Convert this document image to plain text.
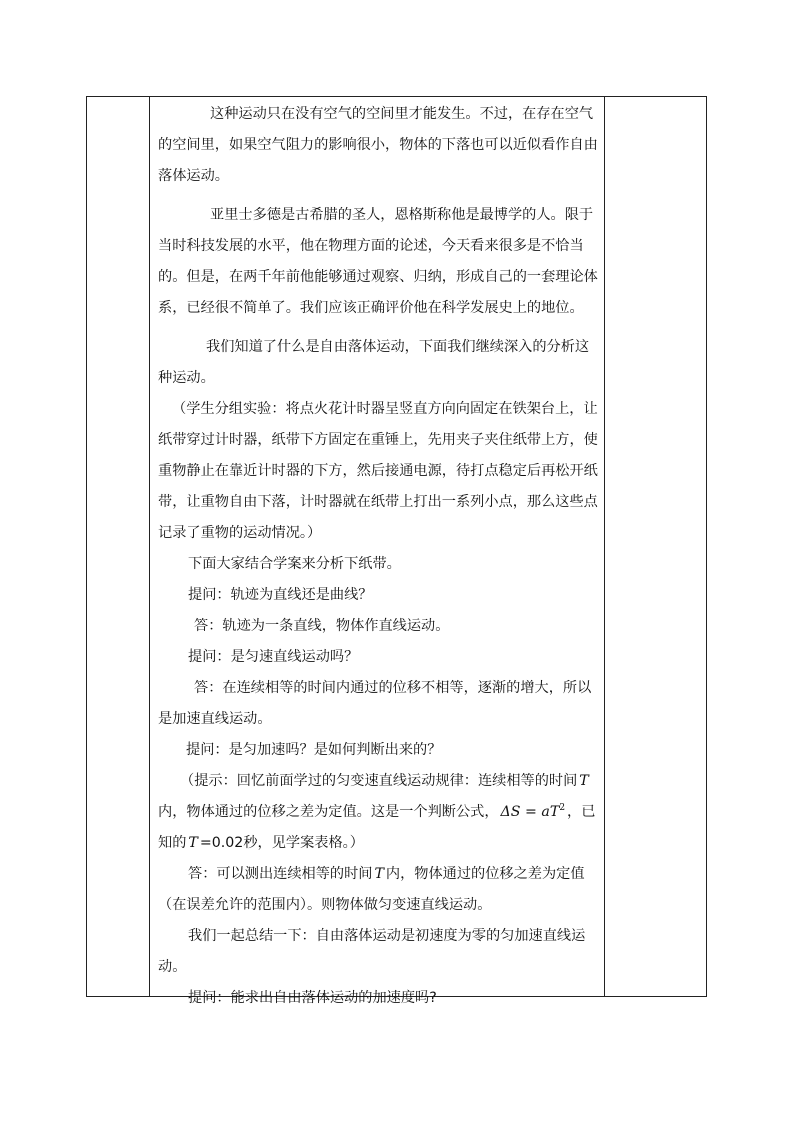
这种运动只在没有空气的空间里才能发生。不过，在存在空气的空间里，如果空气阻力的影响很小，物体的下落也可以近似看作自由落体运动。

亚里士多德是古希腊的圣人，恩格斯称他是最博学的人。限于当时科技发展的水平，他在物理方面的论述，今天看来很多是不恰当的。但是，在两千年前他能够通过观察、归纳，形成自己的一套理论体系，已经很不简单了。我们应该正确评价他在科学发展史上的地位。

我们知道了什么是自由落体运动，下面我们继续深入的分析这种运动。

（学生分组实验：将点火花计时器呈竖直方向向固定在铁架台上，让纸带穿过计时器，纸带下方固定在重锤上，先用夹子夹住纸带上方，使重物静止在靠近计时器的下方，然后接通电源，待打点稳定后再松开纸带，让重物自由下落，计时器就在纸带上打出一系列小点，那么这些点记录了重物的运动情况。）

下面大家结合学案来分析下纸带。

提问：轨迹为直线还是曲线？

答：轨迹为一条直线，物体作直线运动。

提问：是匀速直线运动吗？

答：在连续相等的时间内通过的位移不相等，逐渐的增大，所以是加速直线运动。

提问：是匀加速吗？是如何判断出来的？

（提示：回忆前面学过的匀变速直线运动规律：连续相等的时间 T内，物体通过的位移之差为定值。这是一个判断公式， $\Delta S = aT^2$ ，已知的 T =0.02秒，见学案表格。）

答：可以测出连续相等的时间 T 内，物体通过的位移之差为定值（在误差允许的范围内）。则物体做匀变速直线运动。

我们一起总结一下：自由落体运动是初速度为零的匀加速直线运动。

提问：能求出自由落体运动的加速度吗?
